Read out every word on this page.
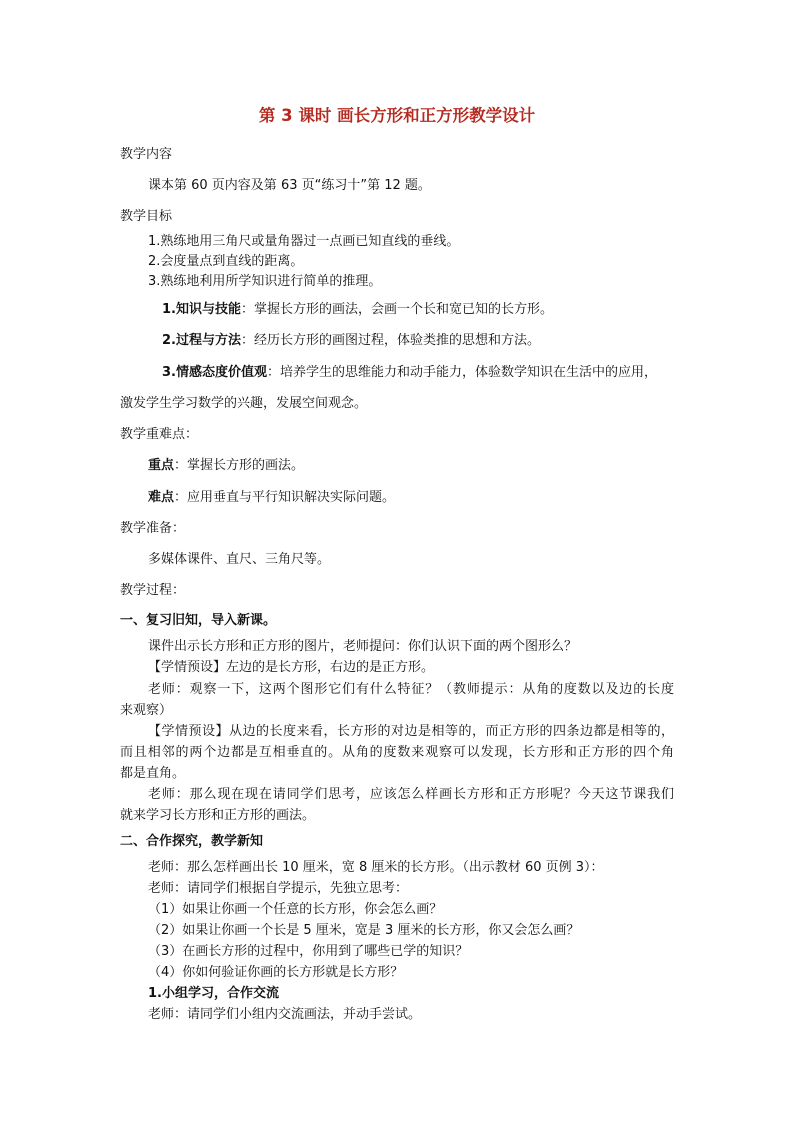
第 3 课时 画长方形和正方形教学设计
教学内容
课本第 60 页内容及第 63 页“练习十”第 12 题。
教学目标
1.熟练地用三角尺或量角器过一点画已知直线的垂线。
2.会度量点到直线的距离。
3.熟练地利用所学知识进行简单的推理。
1.知识与技能：掌握长方形的画法，会画一个长和宽已知的长方形。
2.过程与方法：经历长方形的画图过程，体验类推的思想和方法。
3.情感态度价值观：培养学生的思维能力和动手能力，体验数学知识在生活中的应用，
激发学生学习数学的兴趣，发展空间观念。
教学重难点：
重点：掌握长方形的画法。
难点：应用垂直与平行知识解决实际问题。
教学准备：
多媒体课件、直尺、三角尺等。
教学过程：
一、复习旧知，导入新课。
课件出示长方形和正方形的图片，老师提问：你们认识下面的两个图形么？
【学情预设】左边的是长方形，右边的是正方形。
老师：观察一下，这两个图形它们有什么特征？（教师提示：从角的度数以及边的长度
来观察）
【学情预设】从边的长度来看，长方形的对边是相等的，而正方形的四条边都是相等的，
而且相邻的两个边都是互相垂直的。从角的度数来观察可以发现，长方形和正方形的四个角
都是直角。
老师：那么现在现在请同学们思考，应该怎么样画长方形和正方形呢？今天这节课我们
就来学习长方形和正方形的画法。
二、合作探究，教学新知
老师：那么怎样画出长 10 厘米，宽 8 厘米的长方形。（出示教材 60 页例 3）：
老师：请同学们根据自学提示，先独立思考：
（1）如果让你画一个任意的长方形，你会怎么画？
（2）如果让你画一个长是 5 厘米，宽是 3 厘米的长方形，你又会怎么画？
（3）在画长方形的过程中，你用到了哪些已学的知识？
（4）你如何验证你画的长方形就是长方形？
1.小组学习，合作交流
老师：请同学们小组内交流画法，并动手尝试。
